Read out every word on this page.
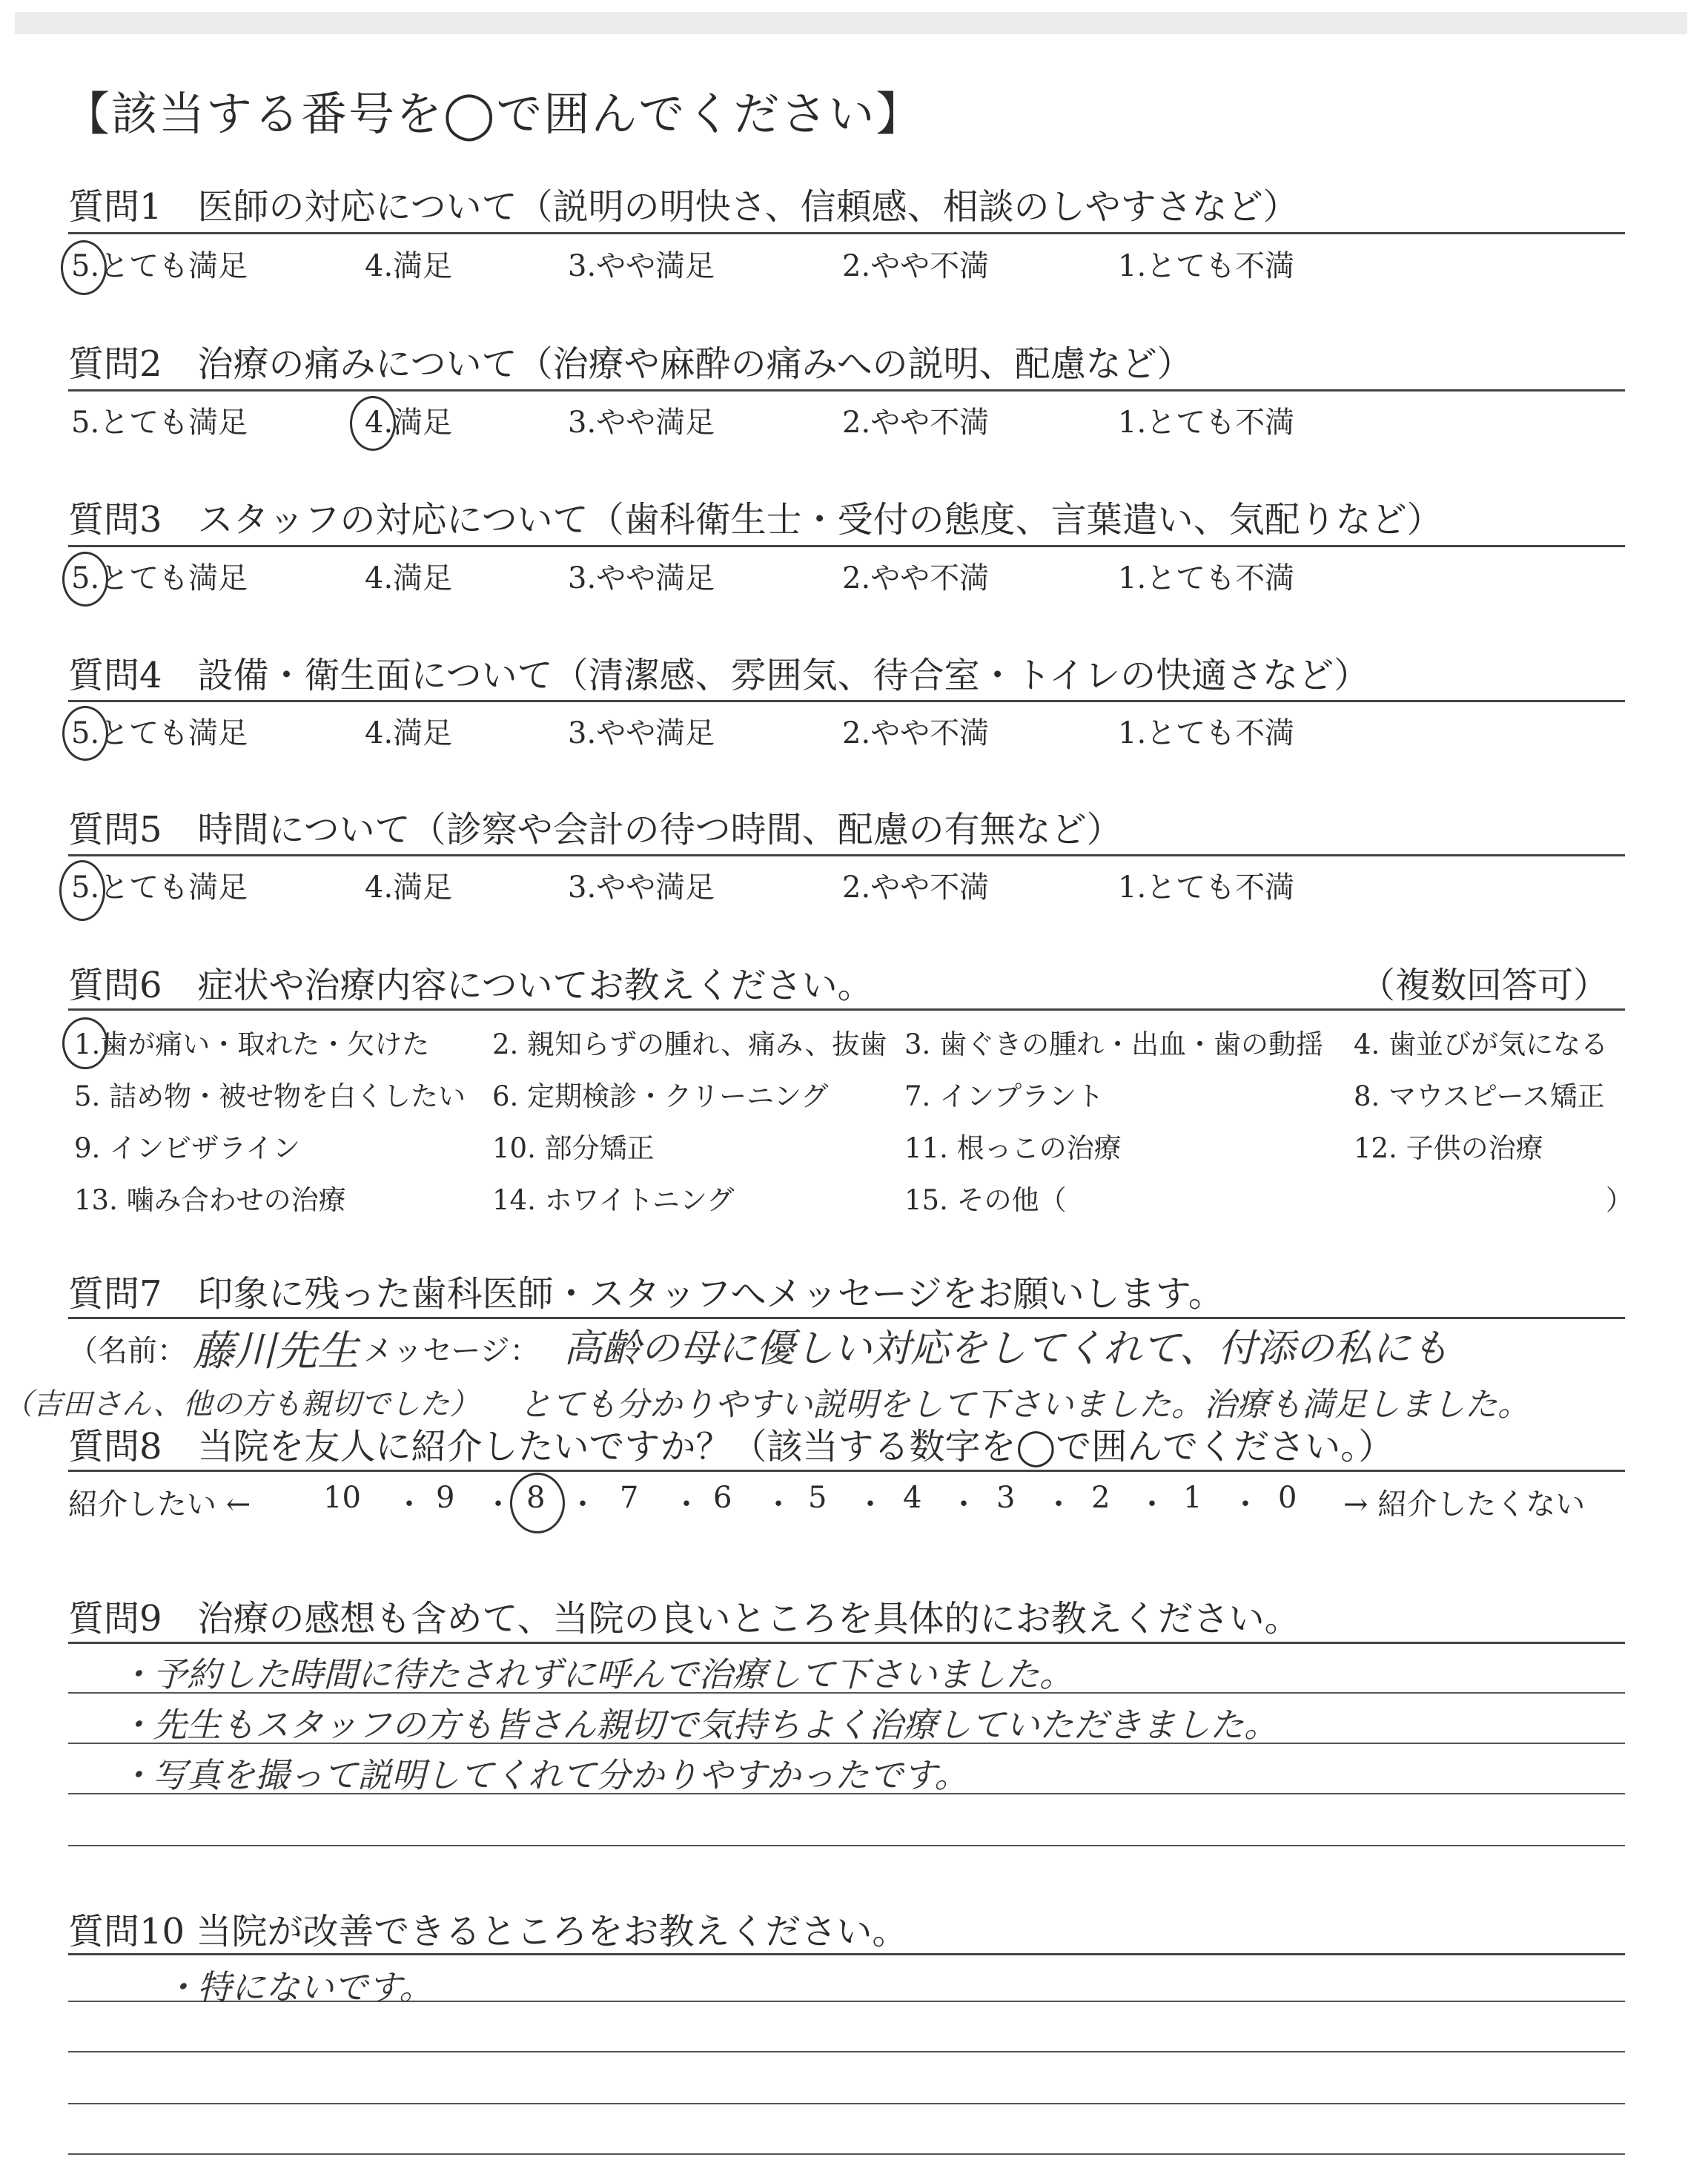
【該当する番号を◯で囲んでください】
質問1　医師の対応について（説明の明快さ、信頼感、相談のしやすさなど）
5.とても満足	4.満足	3.やや満足	2.やや不満	1.とても不満
質問2　治療の痛みについて（治療や麻酔の痛みへの説明、配慮など）
5.とても満足	4.満足	3.やや満足	2.やや不満	1.とても不満
質問3　スタッフの対応について（歯科衛生士・受付の態度、言葉遣い、気配りなど）
5.とても満足	4.満足	3.やや満足	2.やや不満	1.とても不満
質問4　設備・衛生面について（清潔感、雰囲気、待合室・トイレの快適さなど）
5.とても満足	4.満足	3.やや満足	2.やや不満	1.とても不満
質問5　時間について（診察や会計の待つ時間、配慮の有無など）
5.とても満足	4.満足	3.やや満足	2.やや不満	1.とても不満
質問6　症状や治療内容についてお教えください。	（複数回答可）
1.歯が痛い・取れた・欠けた 2. 親知らずの腫れ、痛み、抜歯 3. 歯ぐきの腫れ・出血・歯の動揺 4. 歯並びが気になる
5. 詰め物・被せ物を白くしたい 6. 定期検診・クリーニング	7. インプラント	8. マウスピース矯正
9. インビザライン	10. 部分矯正	11. 根っこの治療	12. 子供の治療
13. 噛み合わせの治療	14. ホワイトニング	15. その他（	）
質問7　印象に残った歯科医師・スタッフへメッセージをお願いします。
（名前： 藤川先生 メッセージ： 高齢の母に優しい対応をしてくれて、付添の私にも
（吉田さん、他の方も親切でした） とても分かりやすい説明をして下さいました。治療も満足しました。
質問8　当院を友人に紹介したいですか？（該当する数字を◯で囲んでください。）
紹介したい ← 10 ・ 9 ・ 8 ・ 7 ・ 6 ・ 5 ・ 4 ・ 3 ・ 2 ・ 1 ・ 0 → 紹介したくない
質問9　治療の感想も含めて、当院の良いところを具体的にお教えください。
・予約した時間に待たされずに呼んで治療して下さいました。
・先生もスタッフの方も皆さん親切で気持ちよく治療していただきました。
・写真を撮って説明してくれて分かりやすかったです。
質問10 当院が改善できるところをお教えください。
・特にないです。
